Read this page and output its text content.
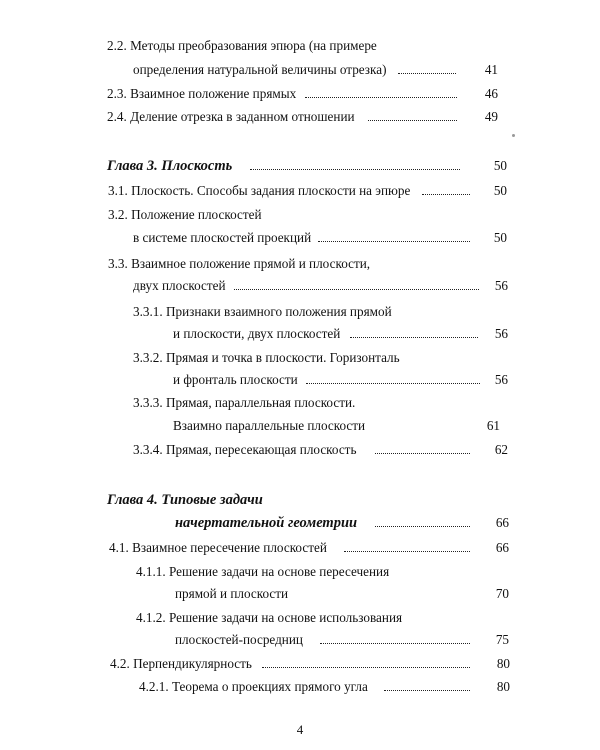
2.2. Методы преобразования эпюра (на примере
определения натуральной величины отрезка)	41
2.3. Взаимное положение прямых	46
2.4. Деление отрезка в заданном отношении	49
Глава 3. Плоскость	50
3.1. Плоскость. Способы задания плоскости на эпюре	50
3.2. Положение плоскостей
в системе плоскостей проекций	50
3.3. Взаимное положение прямой и плоскости,
двух плоскостей	56
3.3.1. Признаки взаимного положения прямой
и плоскости, двух плоскостей	56
3.3.2. Прямая и точка в плоскости. Горизонталь
и фронталь плоскости	56
3.3.3. Прямая, параллельная плоскости.
Взаимно параллельные плоскости	61
3.3.4. Прямая, пересекающая плоскость	62
Глава 4. Типовые задачи
начертательной геометрии	66
4.1. Взаимное пересечение плоскостей	66
4.1.1. Решение задачи на основе пересечения
прямой и плоскости	70
4.1.2. Решение задачи на основе использования
плоскостей-посредниц	75
4.2. Перпендикулярность	80
4.2.1. Теорема о проекциях прямого угла	80
4
